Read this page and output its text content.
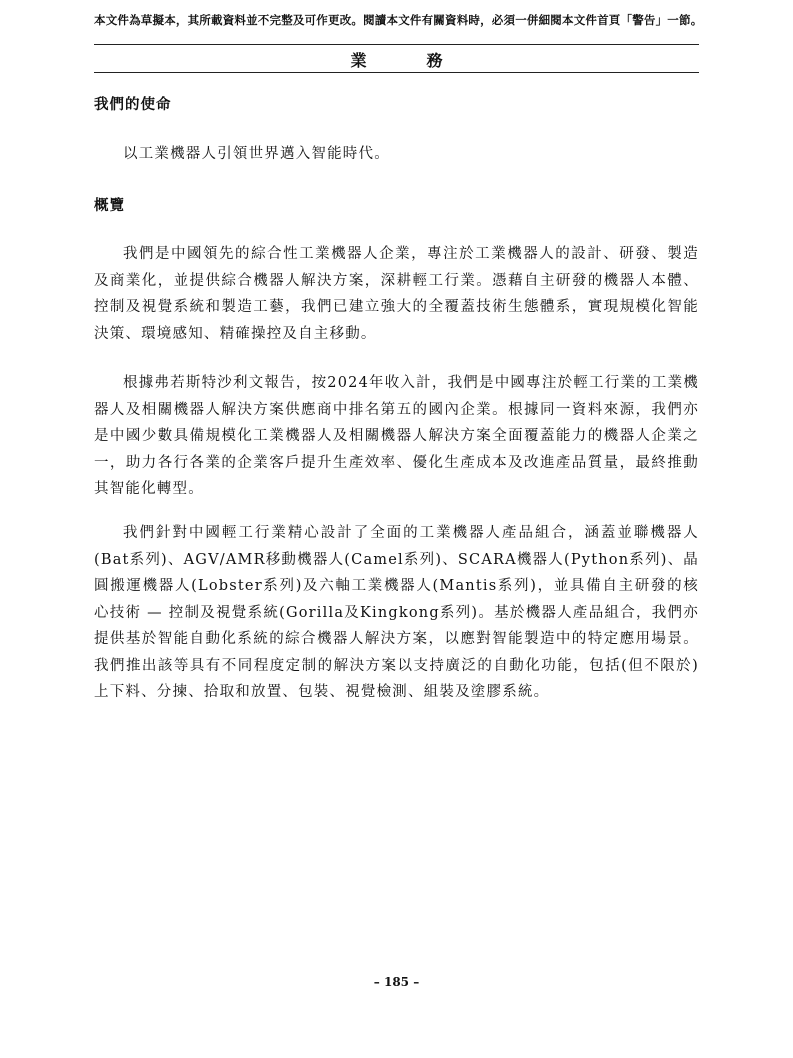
本文件為草擬本，其所載資料並不完整及可作更改。閱讀本文件有關資料時，必須一併細閱本文件首頁「警告」一節。
業　務
我們的使命

以工業機器人引領世界邁入智能時代。

概覽

我們是中國領先的綜合性工業機器人企業，專注於工業機器人的設計、研發、製造及商業化，並提供綜合機器人解決方案，深耕輕工行業。憑藉自主研發的機器人本體、控制及視覺系統和製造工藝，我們已建立強大的全覆蓋技術生態體系，實現規模化智能決策、環境感知、精確操控及自主移動。

根據弗若斯特沙利文報告，按2024年收入計，我們是中國專注於輕工行業的工業機器人及相關機器人解決方案供應商中排名第五的國內企業。根據同一資料來源，我們亦是中國少數具備規模化工業機器人及相關機器人解決方案全面覆蓋能力的機器人企業之一，助力各行各業的企業客戶提升生產效率、優化生產成本及改進產品質量，最終推動其智能化轉型。

我們針對中國輕工行業精心設計了全面的工業機器人產品組合，涵蓋並聯機器人(Bat系列)、AGV/AMR移動機器人(Camel系列)、SCARA機器人(Python系列)、晶圓搬運機器人(Lobster系列)及六軸工業機器人(Mantis系列)，並具備自主研發的核心技術 — 控制及視覺系統(Gorilla及Kingkong系列)。基於機器人產品組合，我們亦提供基於智能自動化系統的綜合機器人解決方案，以應對智能製造中的特定應用場景。我們推出該等具有不同程度定制的解決方案以支持廣泛的自動化功能，包括(但不限於)上下料、分揀、拾取和放置、包裝、視覺檢測、組裝及塗膠系統。

– 185 –
